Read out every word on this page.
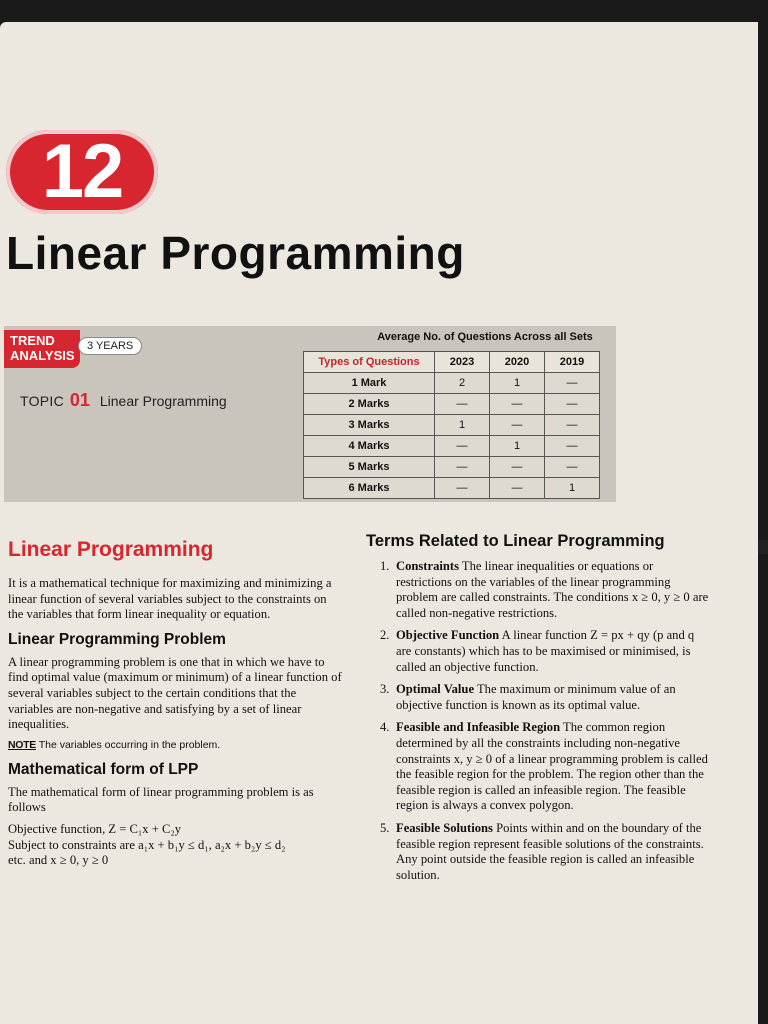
12
Linear Programming
TREND
ANALYSIS
3 YEARS
TOPIC 01 Linear Programming
Average No. of Questions Across all Sets
Types of Questions	2023	2020	2019
1 Mark	2	1	—
2 Marks	—	—	—
3 Marks	1	—	—
4 Marks	—	1	—
5 Marks	—	—	—
6 Marks	—	—	1
Linear Programming

It is a mathematical technique for maximizing and minimizing a linear function of several variables subject to the constraints on the variables that form linear inequality or equation.

Linear Programming Problem

A linear programming problem is one that in which we have to find optimal value (maximum or minimum) of a linear function of several variables subject to the certain conditions that the variables are non-negative and satisfying by a set of linear inequalities.

NOTE The variables occurring in the problem.

Mathematical form of LPP

The mathematical form of linear programming problem is as follows

Objective function, Z = C₁x + C₂y

Subject to constraints are a₁x + b₁y ≤ d₁, a₂x + b₂y ≤ d₂

etc. and x ≥ 0, y ≥ 0

Terms Related to Linear Programming
1. Constraints The linear inequalities or equations or restrictions on the variables of the linear programming problem are called constraints. The conditions x ≥ 0, y ≥ 0 are called non-negative restrictions.
2. Objective Function A linear function Z = px + qy (p and q are constants) which has to be maximised or minimised, is called an objective function.
3. Optimal Value The maximum or minimum value of an objective function is known as its optimal value.
4. Feasible and Infeasible Region The common region determined by all the constraints including non-negative constraints x, y ≥ 0 of a linear programming problem is called the feasible region for the problem. The region other than the feasible region is called an infeasible region. The feasible region is always a convex polygon.
5. Feasible Solutions Points within and on the boundary of the feasible region represent feasible solutions of the constraints. Any point outside the feasible region is called an infeasible solution.
